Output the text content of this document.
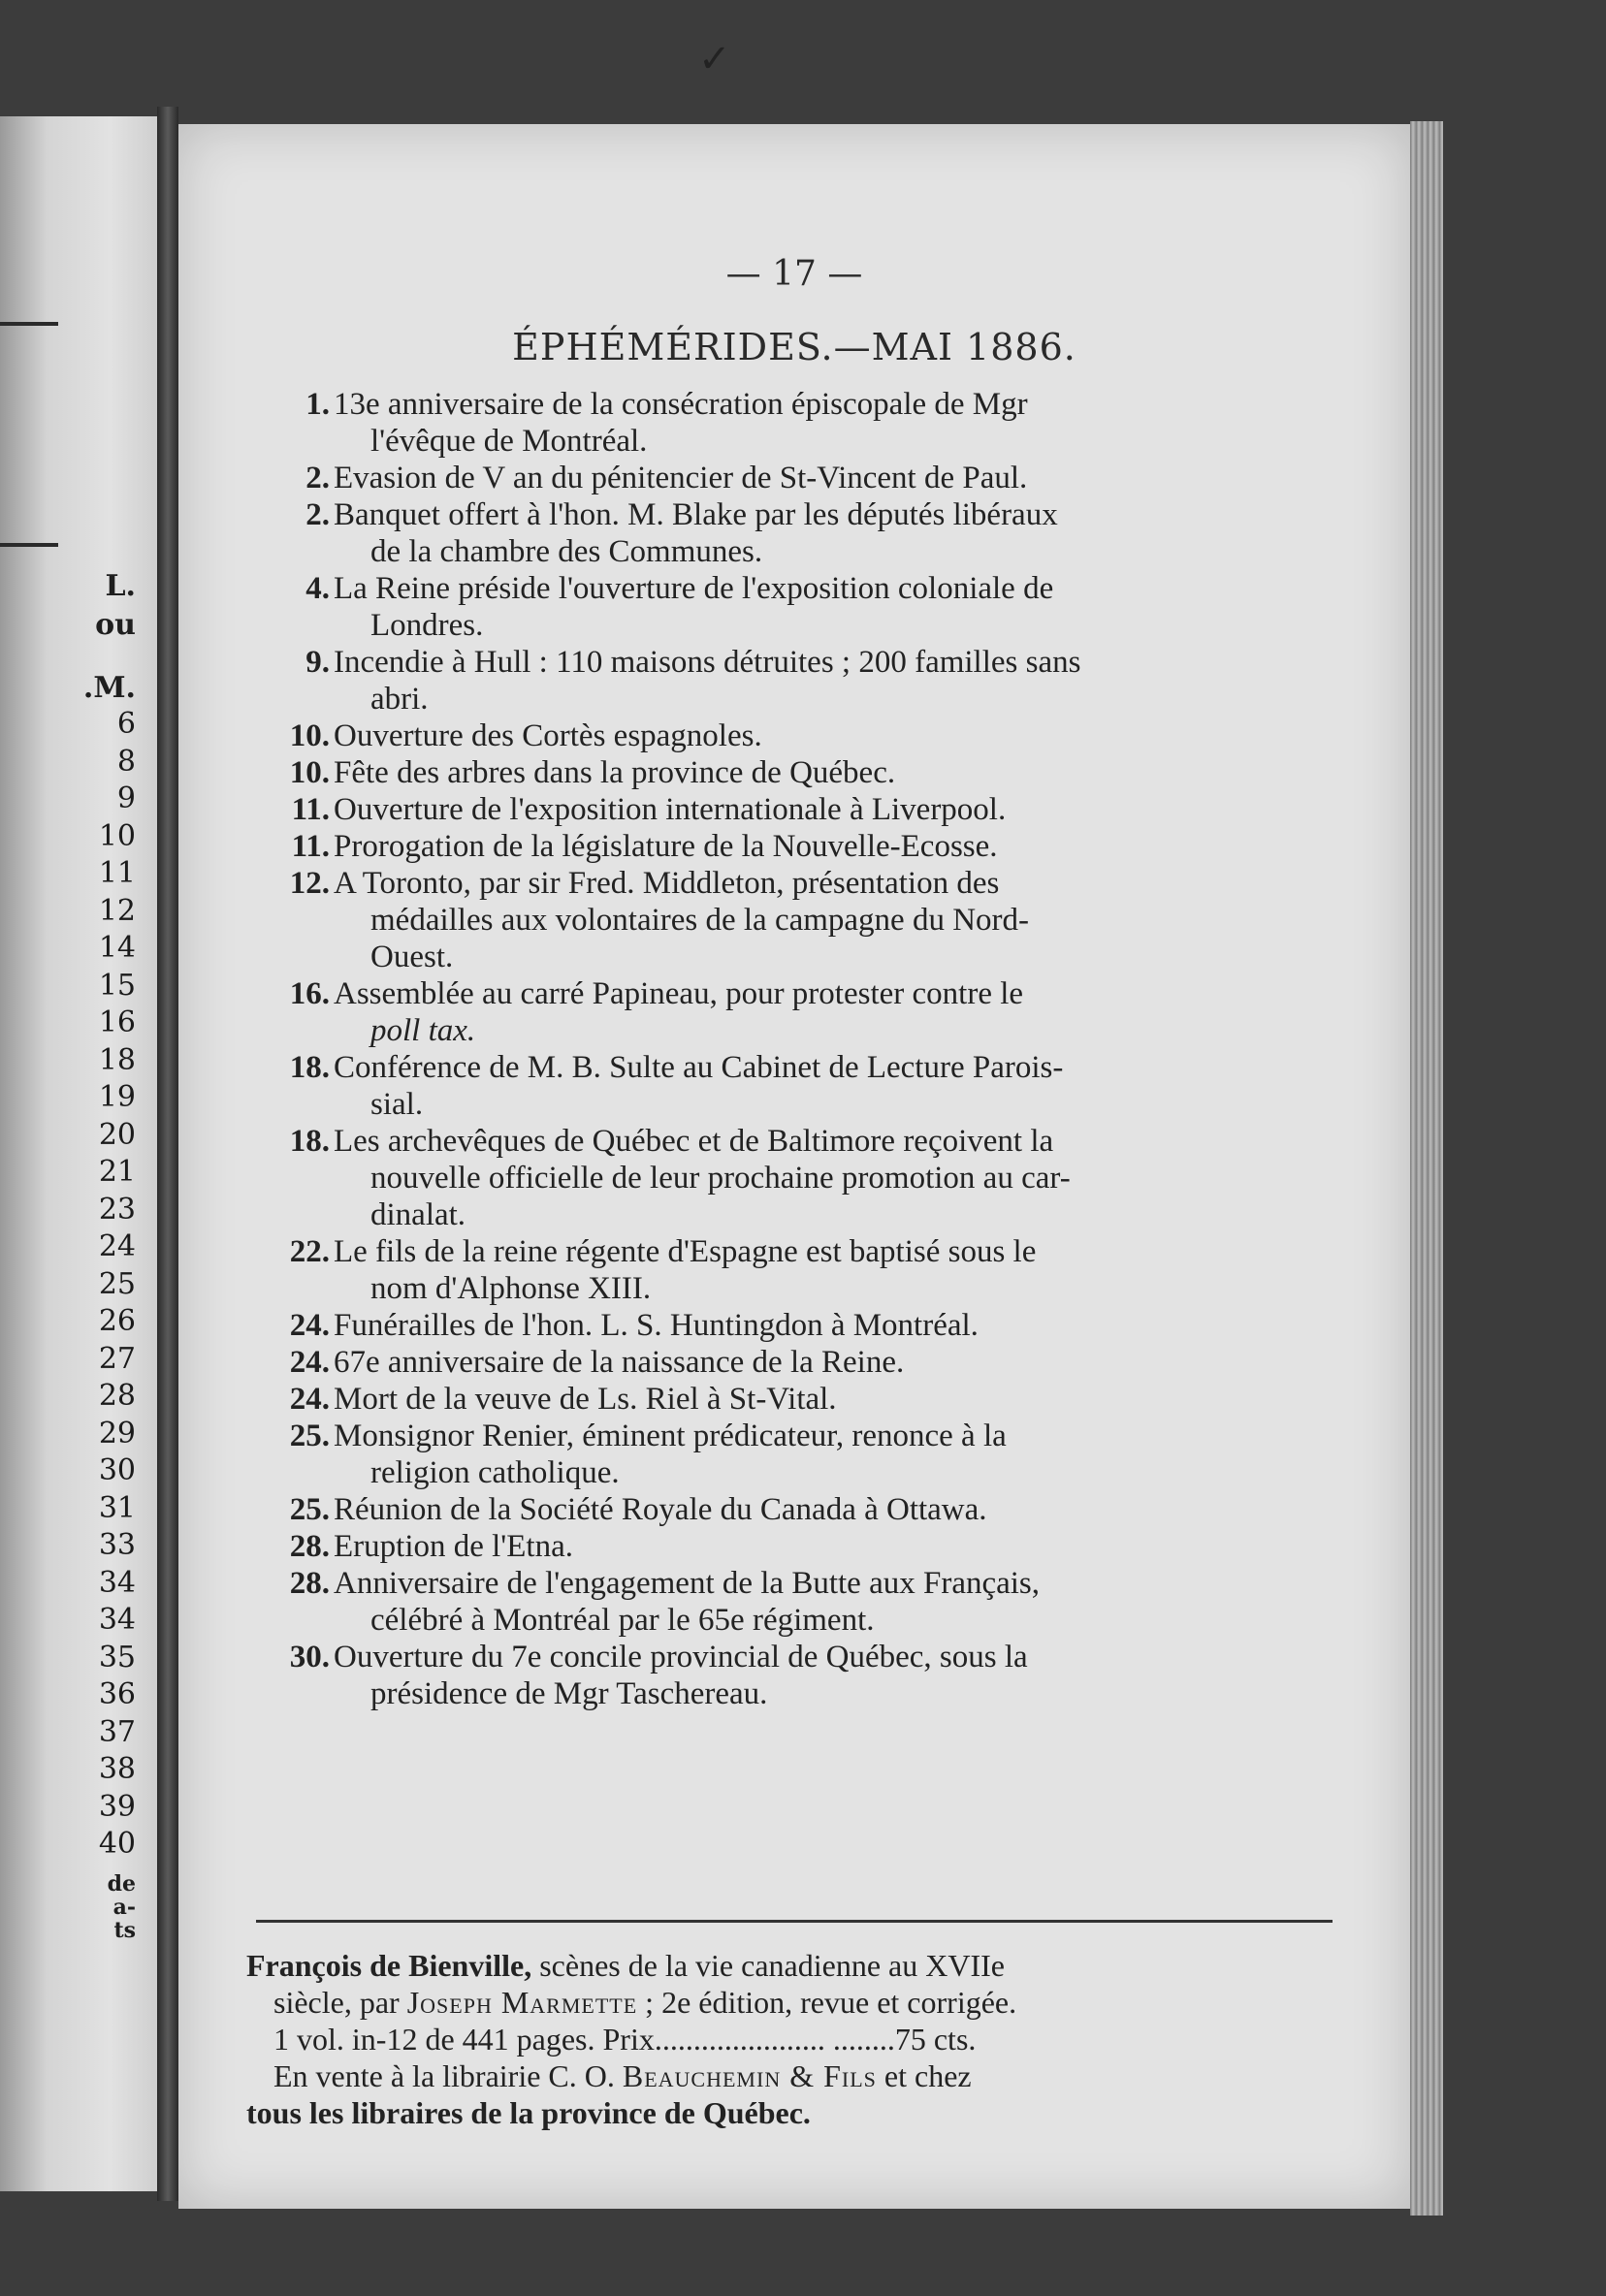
L.
ou
.M.
6
8
9
10
11
12
14
15
16
18
19
20
21
23
24
25
26
27
28
29
30
31
33
34
34
35
36
37
38
39
40
de
a-
ts
✓

— 17 —

ÉPHÉMÉRIDES.—MAI 1886.
1. 13e anniversaire de la consécration épiscopale de Mgr
l'évêque de Montréal.
2. Evasion de V an du pénitencier de St-Vincent de Paul.
2. Banquet offert à l'hon. M. Blake par les députés libéraux
de la chambre des Communes.
4. La Reine préside l'ouverture de l'exposition coloniale de
Londres.
9. Incendie à Hull : 110 maisons détruites ; 200 familles sans
abri.
10. Ouverture des Cortès espagnoles.
10. Fête des arbres dans la province de Québec.
11. Ouverture de l'exposition internationale à Liverpool.
11. Prorogation de la législature de la Nouvelle-Ecosse.
12. A Toronto, par sir Fred. Middleton, présentation des
médailles aux volontaires de la campagne du Nord-
Ouest.
16. Assemblée au carré Papineau, pour protester contre le
poll tax.
18. Conférence de M. B. Sulte au Cabinet de Lecture Parois-
sial.
18. Les archevêques de Québec et de Baltimore reçoivent la
nouvelle officielle de leur prochaine promotion au car-
dinalat.
22. Le fils de la reine régente d'Espagne est baptisé sous le
nom d'Alphonse XIII.
24. Funérailles de l'hon. L. S. Huntingdon à Montréal.
24. 67e anniversaire de la naissance de la Reine.
24. Mort de la veuve de Ls. Riel à St-Vital.
25. Monsignor Renier, éminent prédicateur, renonce à la
religion catholique.
25. Réunion de la Société Royale du Canada à Ottawa.
28. Eruption de l'Etna.
28. Anniversaire de l'engagement de la Butte aux Français,
célébré à Montréal par le 65e régiment.
30. Ouverture du 7e concile provincial de Québec, sous la
présidence de Mgr Taschereau.

François de Bienville, scènes de la vie canadienne au XVIIe

siècle, par Joseph Marmette ; 2e édition, revue et corrigée.

1 vol. in-12 de 441 pages. Prix...................... ........75 cts.

En vente à la librairie C. O. Beauchemin & Fils et chez

tous les libraires de la province de Québec.
